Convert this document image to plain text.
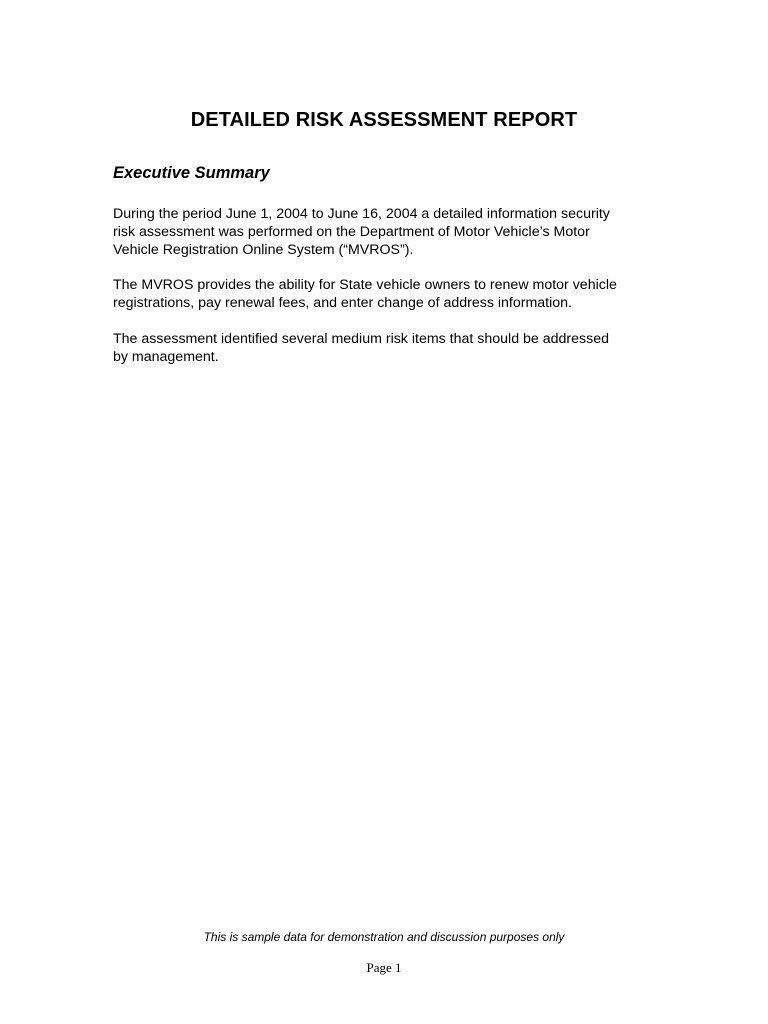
DETAILED RISK ASSESSMENT REPORT
Executive Summary

During the period June 1, 2004 to June 16, 2004 a detailed information security
risk assessment was performed on the Department of Motor Vehicle’s Motor
Vehicle Registration Online System (“MVROS”).

The MVROS provides the ability for State vehicle owners to renew motor vehicle
registrations, pay renewal fees, and enter change of address information.

The assessment identified several medium risk items that should be addressed
by management.

This is sample data for demonstration and discussion purposes only
Page 1
